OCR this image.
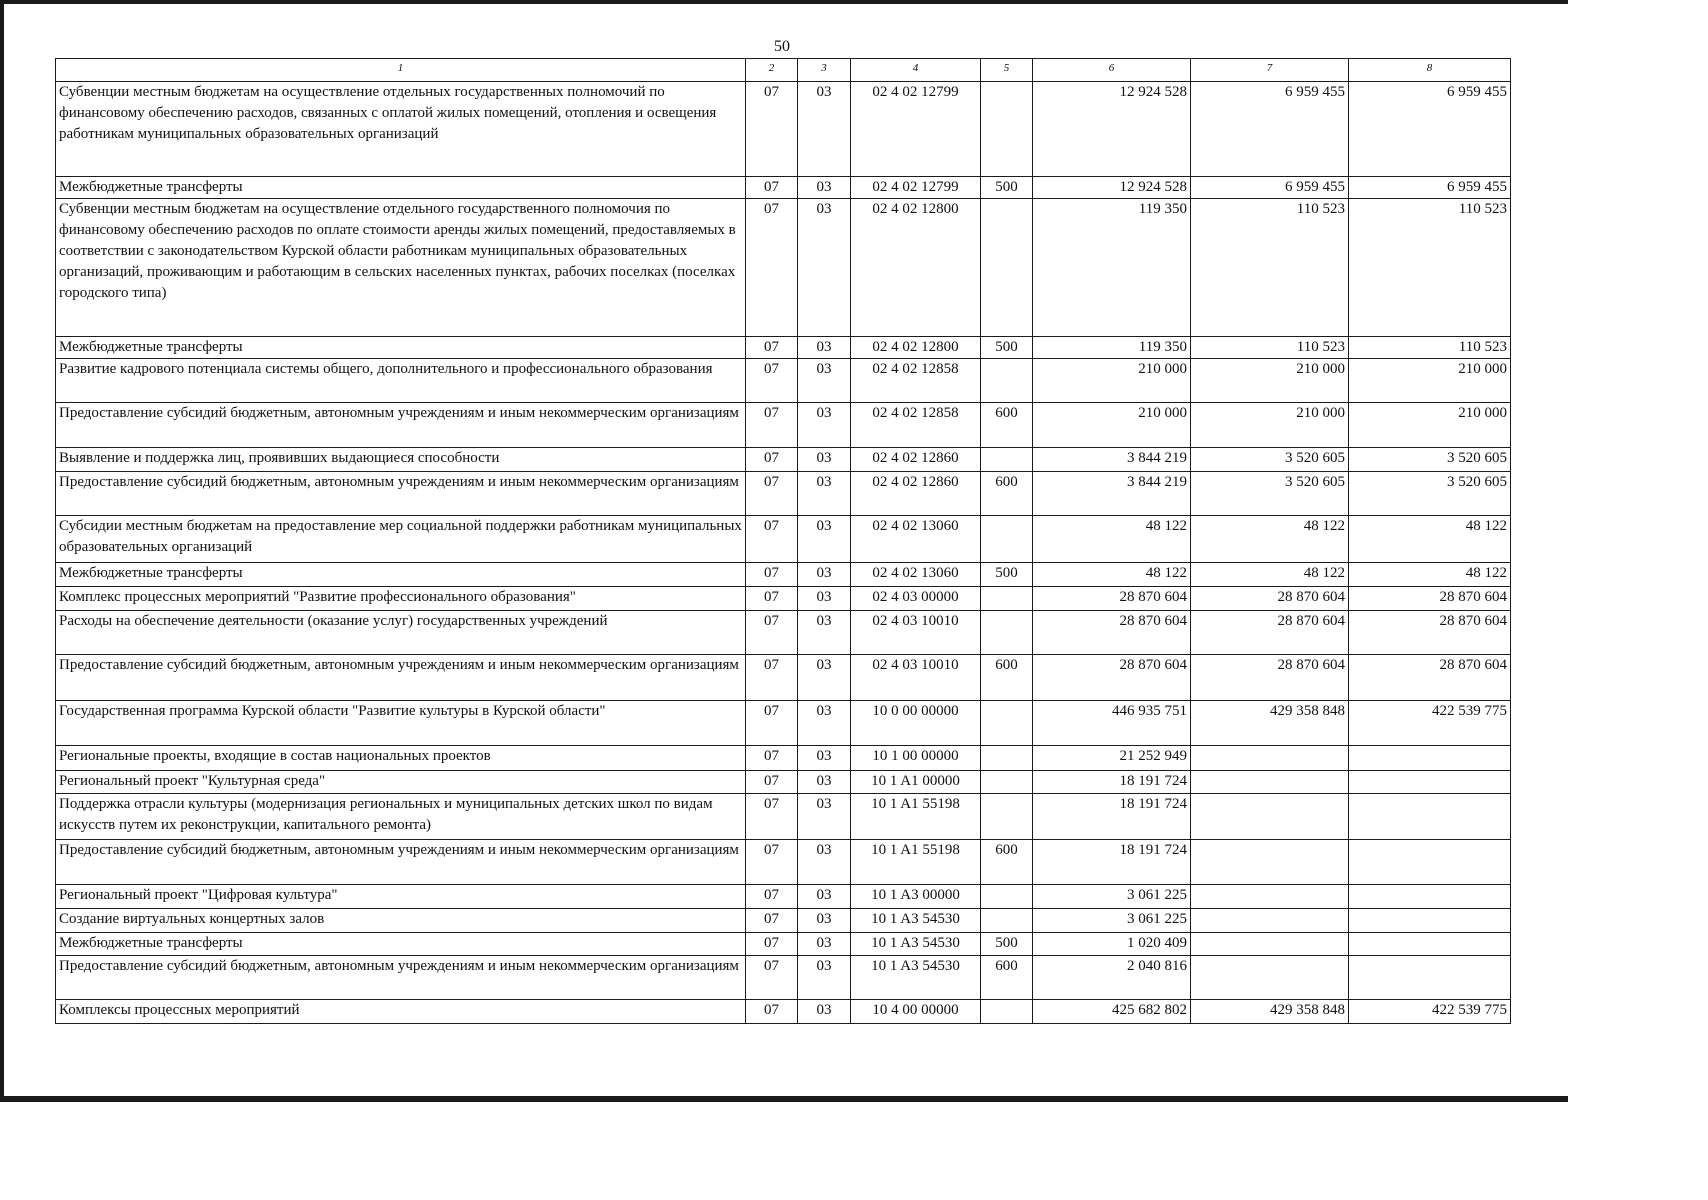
50
1	2	3	4	5	6	7	8
Субвенции местным бюджетам на осуществление отдельных государственных полномочий по финансовому обеспечению расходов, связанных с оплатой жилых помещений, отопления и освещения работникам муниципальных образовательных организаций	07	03	02 4 02 12799		12 924 528	6 959 455	6 959 455
Межбюджетные трансферты	07	03	02 4 02 12799	500	12 924 528	6 959 455	6 959 455
Субвенции местным бюджетам на осуществление отдельного государственного полномочия по финансовому обеспечению расходов по оплате стоимости аренды жилых помещений, предоставляемых в соответствии с законодательством Курской области работникам муниципальных образовательных организаций, проживающим и работающим в сельских населенных пунктах, рабочих поселках (поселках городского типа)	07	03	02 4 02 12800		119 350	110 523	110 523
Межбюджетные трансферты	07	03	02 4 02 12800	500	119 350	110 523	110 523
Развитие кадрового потенциала системы общего, дополнительного и профессионального образования	07	03	02 4 02 12858		210 000	210 000	210 000
Предоставление субсидий бюджетным, автономным учреждениям и иным некоммерческим организациям	07	03	02 4 02 12858	600	210 000	210 000	210 000
Выявление и поддержка лиц, проявивших выдающиеся способности	07	03	02 4 02 12860		3 844 219	3 520 605	3 520 605
Предоставление субсидий бюджетным, автономным учреждениям и иным некоммерческим организациям	07	03	02 4 02 12860	600	3 844 219	3 520 605	3 520 605
Субсидии местным бюджетам на предоставление мер социальной поддержки работникам муниципальных образовательных организаций	07	03	02 4 02 13060		48 122	48 122	48 122
Межбюджетные трансферты	07	03	02 4 02 13060	500	48 122	48 122	48 122
Комплекс процессных мероприятий "Развитие профессионального образования"	07	03	02 4 03 00000		28 870 604	28 870 604	28 870 604
Расходы на обеспечение деятельности (оказание услуг) государственных учреждений	07	03	02 4 03 10010		28 870 604	28 870 604	28 870 604
Предоставление субсидий бюджетным, автономным учреждениям и иным некоммерческим организациям	07	03	02 4 03 10010	600	28 870 604	28 870 604	28 870 604
Государственная программа Курской области "Развитие культуры в Курской области"	07	03	10 0 00 00000		446 935 751	429 358 848	422 539 775
Региональные проекты, входящие в состав национальных проектов	07	03	10 1 00 00000		21 252 949		
Региональный проект "Культурная среда"	07	03	10 1 A1 00000		18 191 724		
Поддержка отрасли культуры (модернизация региональных и муниципальных детских школ по видам искусств путем их реконструкции, капитального ремонта)	07	03	10 1 A1 55198		18 191 724		
Предоставление субсидий бюджетным, автономным учреждениям и иным некоммерческим организациям	07	03	10 1 A1 55198	600	18 191 724		
Региональный проект "Цифровая культура"	07	03	10 1 A3 00000		3 061 225		
Создание виртуальных концертных залов	07	03	10 1 A3 54530		3 061 225		
Межбюджетные трансферты	07	03	10 1 A3 54530	500	1 020 409		
Предоставление субсидий бюджетным, автономным учреждениям и иным некоммерческим организациям	07	03	10 1 A3 54530	600	2 040 816		
Комплексы процессных мероприятий	07	03	10 4 00 00000		425 682 802	429 358 848	422 539 775
